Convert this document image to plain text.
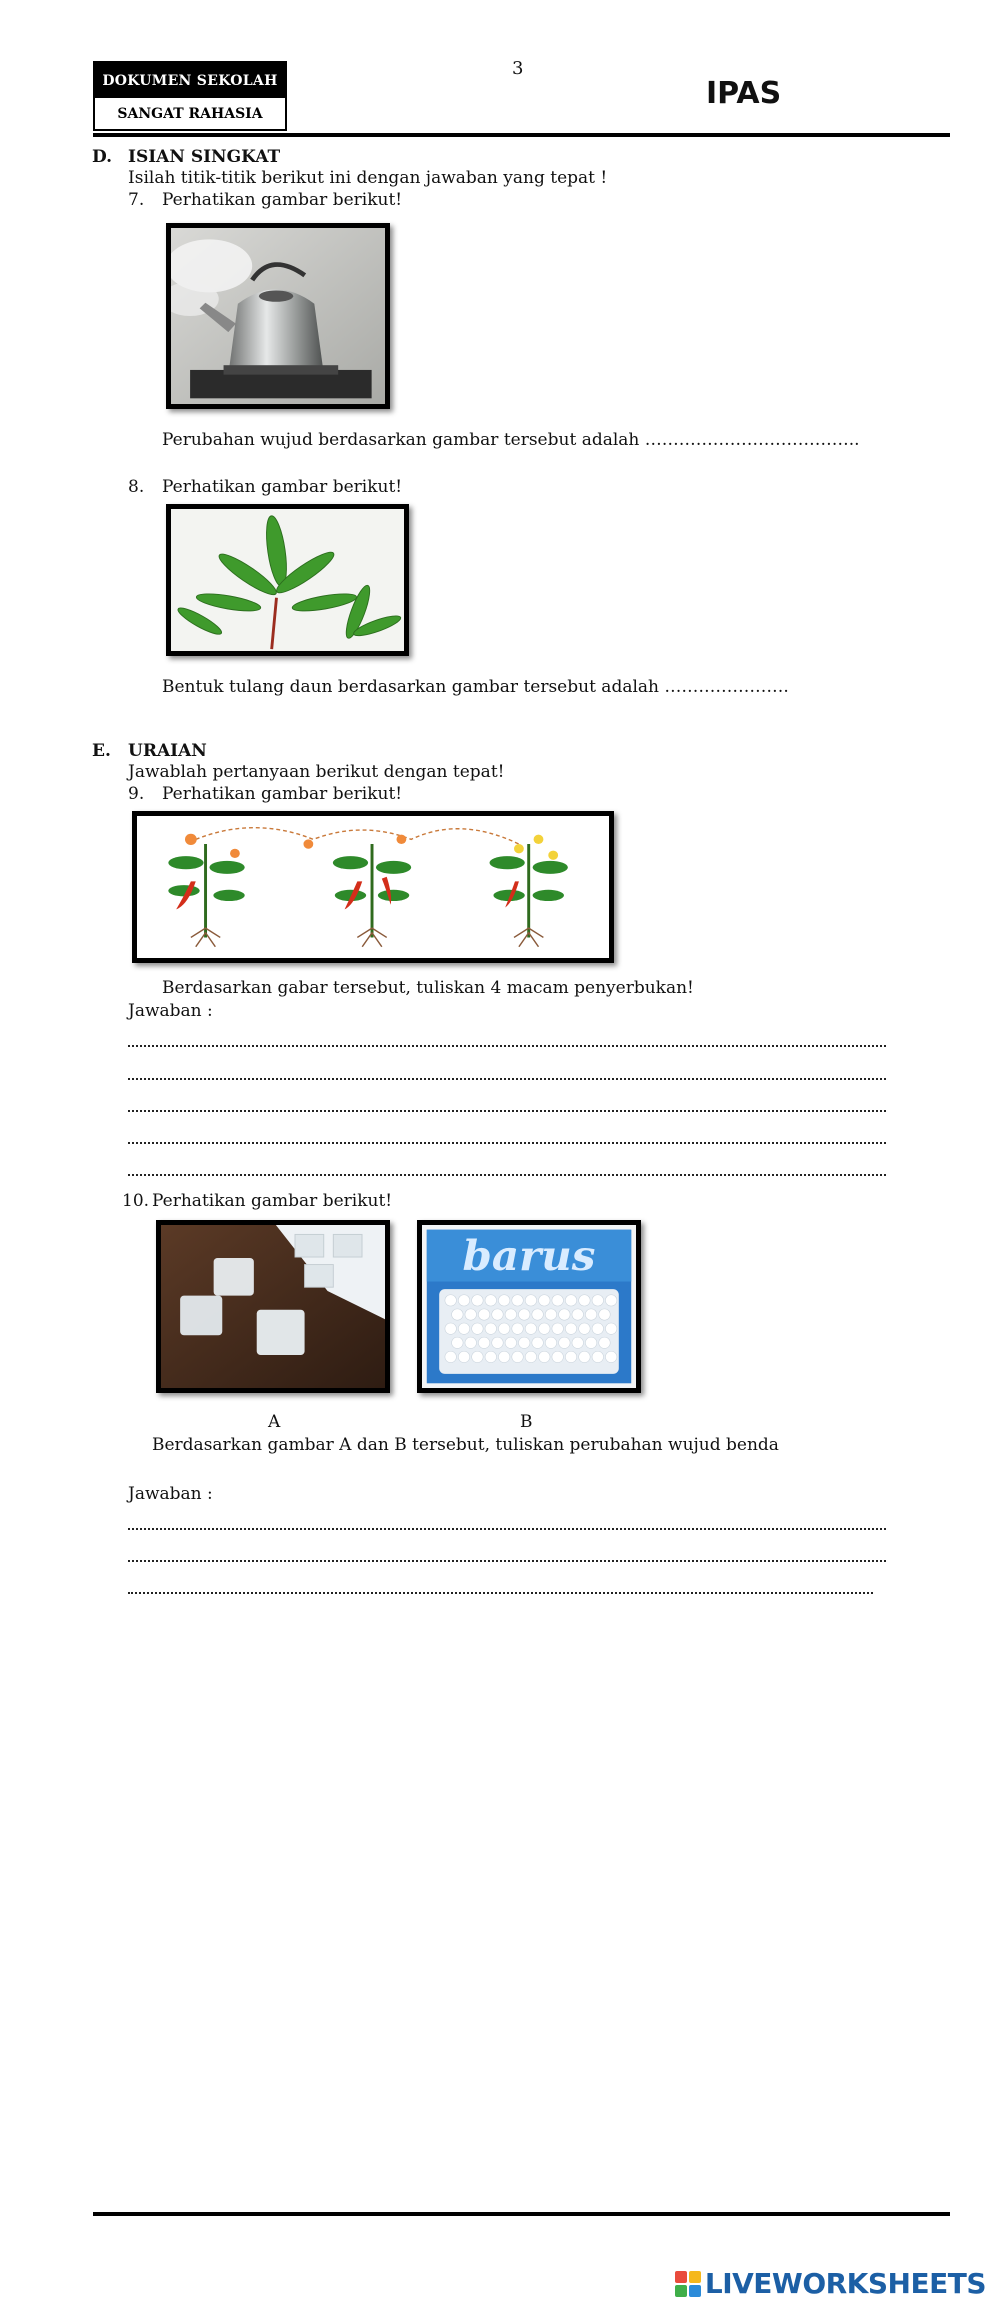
DOKUMEN SEKOLAH
SANGAT RAHASIA
3
IPAS
D. ISIAN SINGKAT
Isilah titik-titik berikut ini dengan jawaban yang tepat !
7. Perhatikan gambar berikut!
Perubahan wujud berdasarkan gambar tersebut adalah ………………………………..
8. Perhatikan gambar berikut!
Bentuk tulang daun berdasarkan gambar tersebut adalah ………………….
E. URAIAN
Jawablah pertanyaan berikut dengan tepat!
9. Perhatikan gambar berikut!
Berdasarkan gabar tersebut, tuliskan 4 macam penyerbukan!
Jawaban :
10. Perhatikan gambar berikut!
barus
A	B
Berdasarkan gambar A dan B tersebut, tuliskan perubahan wujud benda
Jawaban :
LIVEWORKSHEETS
